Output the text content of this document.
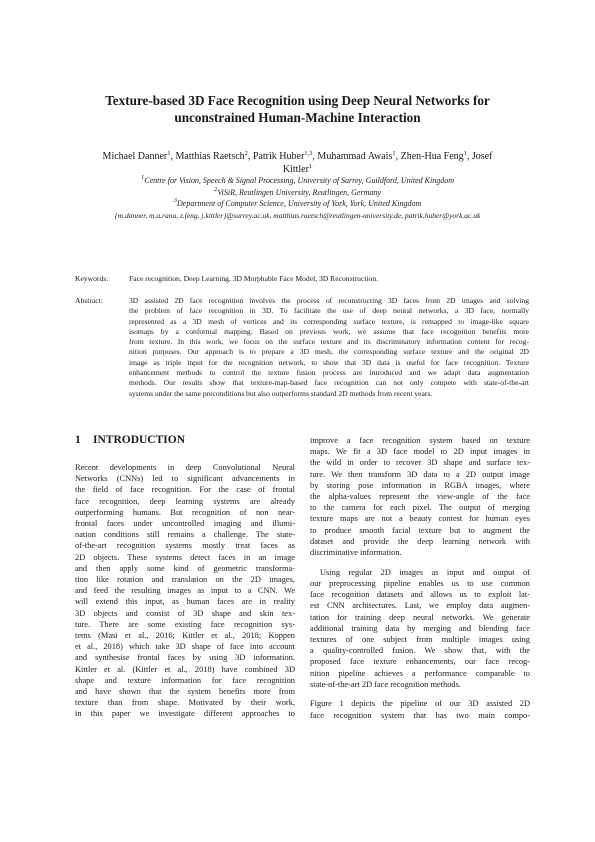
Texture-based 3D Face Recognition using Deep Neural Networks for
unconstrained Human-Machine Interaction
Michael Danner$^1$, Matthias Raetsch$^2$, Patrik Huber$^{1,3}$, Muhammad Awais$^1$, Zhen-Hua Feng$^1$, Josef
Kittler$^1$
$^1$Centre for Vision, Speech & Signal Processing, University of Surrey, Guildford, United Kingdom
$^2$ViSiR, Reutlingen University, Reutlingen, Germany
$^3$Department of Computer Science, University of York, York, United Kingdom
{m.danner, m.a.rana, z.feng, j.kittler}@surrey.ac.uk, matthias.raetsch@reutlingen-university.de, patrik.huber@york.ac.uk
Keywords:	Face recognition, Deep Learning, 3D Morphable Face Model, 3D Reconstruction.
Abstract:	3D assisted 2D face recognition involves the process of reconstructing 3D faces from 2D images and solving
the problem of face recognition in 3D. To facilitate the use of deep neural networks, a 3D face, normally
represented as a 3D mesh of vertices and its corresponding surface texture, is remapped to image-like square
isomaps by a conformal mapping. Based on previous work, we assume that face recognition benefits more
from texture. In this work, we focus on the surface texture and its discriminatory information content for recog-
nition purposes. Our approach is to prepare a 3D mesh, the corresponding surface texture and the original 2D
image as triple input for the recognition network, to show that 3D data is useful for face recognition. Texture
enhancement methods to control the texture fusion process are introduced and we adapt data augmentation
methods. Our results show that texture-map-based face recognition can not only compete with state-of-the-art
systems under the same preconditions but also outperforms standard 2D methods from recent years.
1 INTRODUCTION
Recent developments in deep Convolutional Neural
Networks (CNNs) led to significant advancements in
the field of face recognition. For the case of frontal
face recognition, deep learning systems are already
outperforming humans. But recognition of non near-
frontal faces under uncontrolled imaging and illumi-
nation conditions still remains a challenge. The state-
of-the-art recognition systems mostly treat faces as
2D objects. These systems detect faces in an image
and then apply some kind of geometric transforma-
tion like rotation and translation on the 2D images,
and feed the resulting images as input to a CNN. We
will extend this input, as human faces are in reality
3D objects and consist of 3D shape and skin tex-
ture. There are some existing face recognition sys-
tems (Masi et al., 2016; Kittler et al., 2018; Koppen
et al., 2018) which take 3D shape of face into account
and synthesise frontal faces by using 3D information.
Kittler et al. (Kittler et al., 2018) have combined 3D
shape and texture information for face recognition
and have shown that the system benefits more from
texture than from shape. Motivated by their work,
in this paper we investigate different approaches to
improve a face recognition system based on texture
maps. We fit a 3D face model to 2D input images in
the wild in order to recover 3D shape and surface tex-
ture. We then transform 3D data to a 2D output image
by storing pose information in RGBA images, where
the alpha-values represent the view-angle of the face
to the camera for each pixel. The output of merging
texture maps are not a beauty contest for human eyes
to produce smooth facial texture but to augment the
dataset and provide the deep learning network with
discriminative information.
Using regular 2D images as input and output of
our preprocessing pipeline enables us to use common
face recognition datasets and allows us to exploit lat-
est CNN architectures. Last, we employ data augmen-
tation for training deep neural networks. We generate
additional training data by merging and blending face
textures of one subject from multiple images using
a quality-controlled fusion. We show that, with the
proposed face texture enhancements, our face recog-
nition pipeline achieves a performance comparable to
state-of-the-art 2D face recognition methods.
Figure 1 depicts the pipeline of our 3D assisted 2D
face recognition system that has two main compo-
